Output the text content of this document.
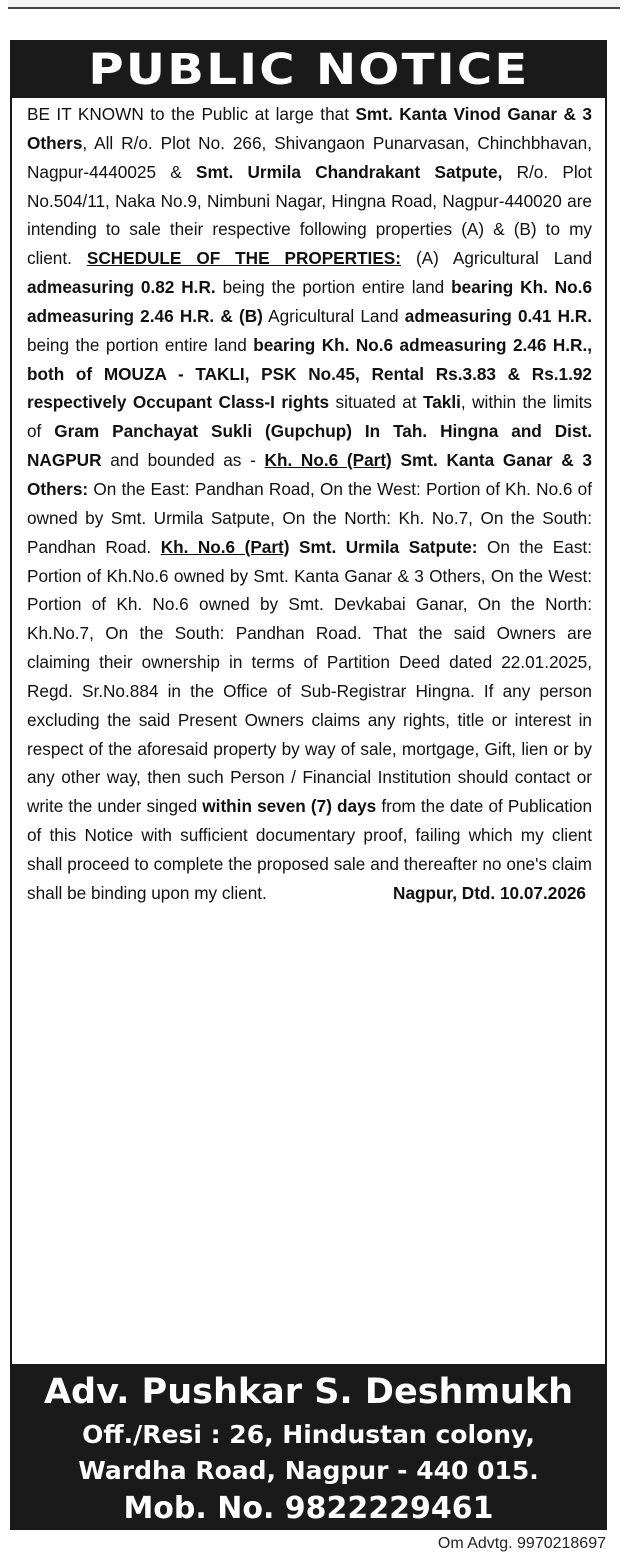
PUBLIC NOTICE
BE IT KNOWN to the Public at large that Smt. Kanta Vinod Ganar & 3 Others, All R/o. Plot No. 266, Shivangaon Punarvasan, Chinchbhavan, Nagpur-4440025 & Smt. Urmila Chandrakant Satpute, R/o. Plot No.504/11, Naka No.9, Nimbuni Nagar, Hingna Road, Nagpur-440020 are intending to sale their respective following properties (A) & (B) to my client. SCHEDULE OF THE PROPERTIES: (A) Agricultural Land admeasuring 0.82 H.R. being the portion entire land bearing Kh. No.6 admeasuring 2.46 H.R. & (B) Agricultural Land admeasuring 0.41 H.R. being the portion entire land bearing Kh. No.6 admeasuring 2.46 H.R., both of MOUZA - TAKLI, PSK No.45, Rental Rs.3.83 & Rs.1.92 respectively Occupant Class-I rights situated at Takli, within the limits of Gram Panchayat Sukli (Gupchup) In Tah. Hingna and Dist. NAGPUR and bounded as - Kh. No.6 (Part) Smt. Kanta Ganar & 3 Others: On the East: Pandhan Road, On the West: Portion of Kh. No.6 of owned by Smt. Urmila Satpute, On the North: Kh. No.7, On the South: Pandhan Road. Kh. No.6 (Part) Smt. Urmila Satpute: On the East: Portion of Kh.No.6 owned by Smt. Kanta Ganar & 3 Others, On the West: Portion of Kh. No.6 owned by Smt. Devkabai Ganar, On the North: Kh.No.7, On the South: Pandhan Road. That the said Owners are claiming their ownership in terms of Partition Deed dated 22.01.2025, Regd. Sr.No.884 in the Office of Sub-Registrar Hingna. If any person excluding the said Present Owners claims any rights, title or interest in respect of the aforesaid property by way of sale, mortgage, Gift, lien or by any other way, then such Person / Financial Institution should contact or write the under singed within seven (7) days from the date of Publication of this Notice with sufficient documentary proof, failing which my client shall proceed to complete the proposed sale and thereafter no one's claim shall be binding upon my client.	Nagpur, Dtd. 10.07.2026
Adv. Pushkar S. Deshmukh
Off./Resi : 26, Hindustan colony,
Wardha Road, Nagpur - 440 015.
Mob. No. 9822229461
Om Advtg. 9970218697
